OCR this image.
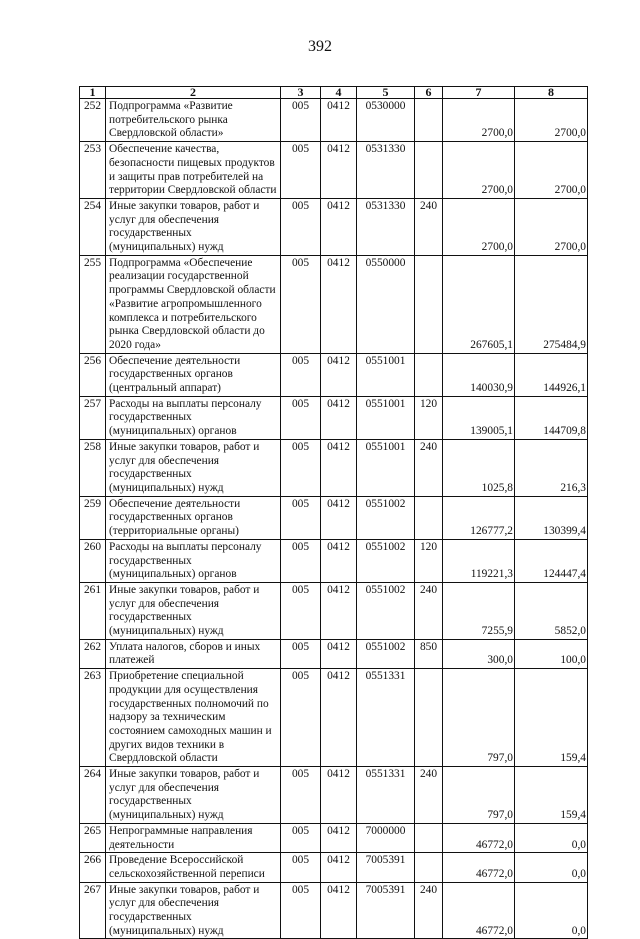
392
1	2	3	4	5	6	7	8
252	Подпрограмма «Развитие потребительского рынка Свердловской области»	005	0412	0530000		2700,0	2700,0
253	Обеспечение качества, безопасности пищевых продуктов и защиты прав потребителей на территории Свердловской области	005	0412	0531330		2700,0	2700,0
254	Иные закупки товаров, работ и услуг для обеспечения государственных (муниципальных) нужд	005	0412	0531330	240	2700,0	2700,0
255	Подпрограмма «Обеспечение реализации государственной программы Свердловской области «Развитие агропромышленного комплекса и потребительского рынка Свердловской области до 2020 года»	005	0412	0550000		267605,1	275484,9
256	Обеспечение деятельности государственных органов (центральный аппарат)	005	0412	0551001		140030,9	144926,1
257	Расходы на выплаты персоналу государственных (муниципальных) органов	005	0412	0551001	120	139005,1	144709,8
258	Иные закупки товаров, работ и услуг для обеспечения государственных (муниципальных) нужд	005	0412	0551001	240	1025,8	216,3
259	Обеспечение деятельности государственных органов (территориальные органы)	005	0412	0551002		126777,2	130399,4
260	Расходы на выплаты персоналу государственных (муниципальных) органов	005	0412	0551002	120	119221,3	124447,4
261	Иные закупки товаров, работ и услуг для обеспечения государственных (муниципальных) нужд	005	0412	0551002	240	7255,9	5852,0
262	Уплата налогов, сборов и иных платежей	005	0412	0551002	850	300,0	100,0
263	Приобретение специальной продукции для осуществления государственных полномочий по надзору за техническим состоянием самоходных машин и других видов техники в Свердловской области	005	0412	0551331		797,0	159,4
264	Иные закупки товаров, работ и услуг для обеспечения государственных (муниципальных) нужд	005	0412	0551331	240	797,0	159,4
265	Непрограммные направления деятельности	005	0412	7000000		46772,0	0,0
266	Проведение Всероссийской сельскохозяйственной переписи	005	0412	7005391		46772,0	0,0
267	Иные закупки товаров, работ и услуг для обеспечения государственных (муниципальных) нужд	005	0412	7005391	240	46772,0	0,0
